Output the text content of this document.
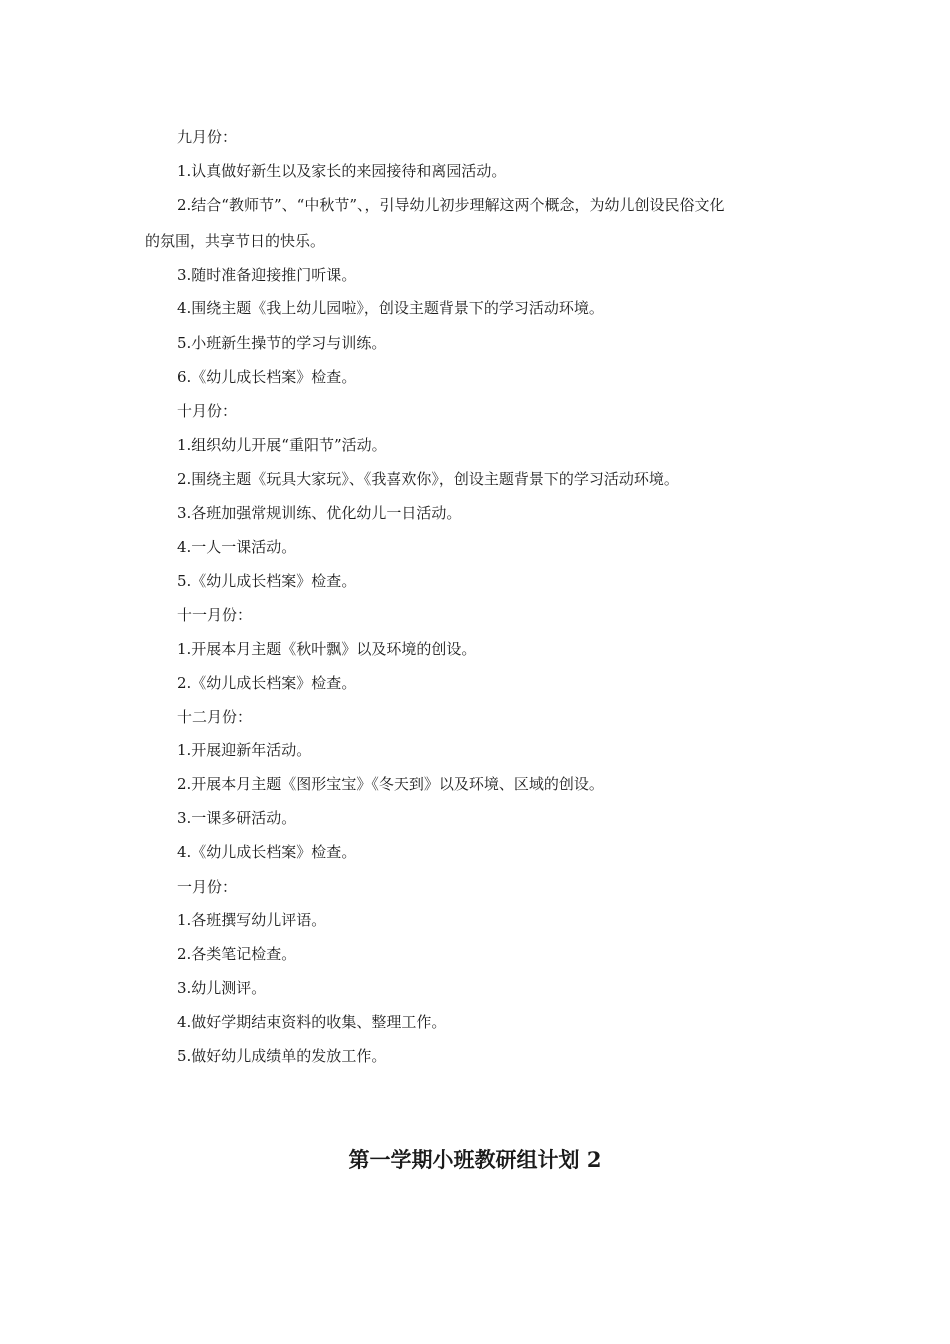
九月份：
1.认真做好新生以及家长的来园接待和离园活动。
2.结合“教师节”、“中秋节”、，引导幼儿初步理解这两个概念，为幼儿创设民俗文化
的氛围，共享节日的快乐。
3.随时准备迎接推门听课。
4.围绕主题《我上幼儿园啦》，创设主题背景下的学习活动环境。
5.小班新生操节的学习与训练。
6.《幼儿成长档案》检查。
十月份：
1.组织幼儿开展“重阳节”活动。
2.围绕主题《玩具大家玩》、《我喜欢你》，创设主题背景下的学习活动环境。
3.各班加强常规训练、优化幼儿一日活动。
4.一人一课活动。
5.《幼儿成长档案》检查。
十一月份：
1.开展本月主题《秋叶飘》以及环境的创设。
2.《幼儿成长档案》检查。
十二月份：
1.开展迎新年活动。
2.开展本月主题《图形宝宝》《冬天到》以及环境、区域的创设。
3.一课多研活动。
4.《幼儿成长档案》检查。
一月份：
1.各班撰写幼儿评语。
2.各类笔记检查。
3.幼儿测评。
4.做好学期结束资料的收集、整理工作。
5.做好幼儿成绩单的发放工作。
第一学期小班教研组计划 2
